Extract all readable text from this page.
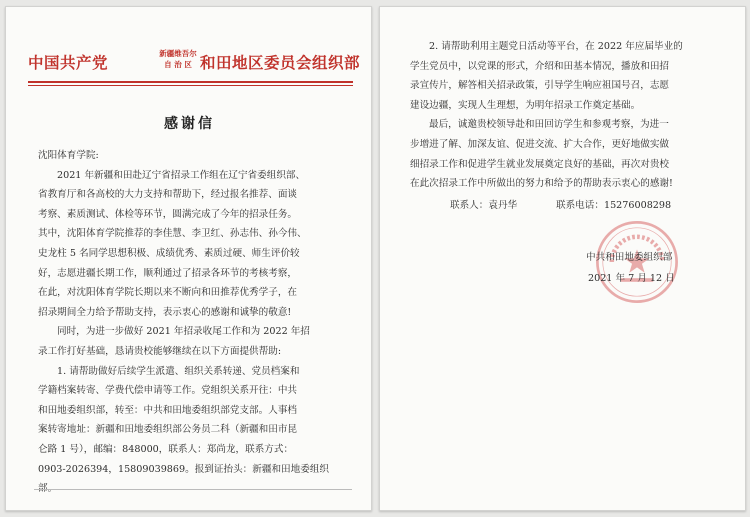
中国共产党	新疆维吾尔
自 治 区 和田地区委员会组织部
感谢信
沈阳体育学院:
2021 年新疆和田赴辽宁省招录工作组在辽宁省委组织部、
省教育厅和各高校的大力支持和帮助下，经过报名推荐、面谈
考察、素质测试、体检等环节，圆满完成了今年的招录任务。
其中，沈阳体育学院推荐的李佳慧、李卫红、孙志伟、孙今伟、
史龙柱 5 名同学思想积极、成绩优秀、素质过硬、师生评价较
好，志愿进疆长期工作，顺利通过了招录各环节的考核考察，
在此，对沈阳体育学院长期以来不断向和田推荐优秀学子，在
招录期间全力给予帮助支持，表示衷心的感谢和诚挚的敬意!
同时，为进一步做好 2021 年招录收尾工作和为 2022 年招
录工作打好基础，恳请贵校能够继续在以下方面提供帮助:
1. 请帮助做好后续学生派遣、组织关系转递、党员档案和
学籍档案转寄、学费代偿申请等工作。党组织关系开往：中共
和田地委组织部，转至：中共和田地委组织部党支部。人事档
案转寄地址：新疆和田地委组织部公务员二科（新疆和田市昆
仑路 1 号），邮编：848000，联系人：郑尚龙，联系方式：
0903-2026394，15809039869。报到证抬头：新疆和田地委组织
2. 请帮助利用主题党日活动等平台，在 2022 年应届毕业的
学生党员中，以党课的形式，介绍和田基本情况，播放和田招
录宣传片，解答相关招录政策，引导学生响应祖国号召，志愿
建设边疆，实现人生理想，为明年招录工作奠定基础。
最后，诚邀贵校领导赴和田回访学生和参观考察，为进一
步增进了解、加深友谊、促进交流、扩大合作，更好地做实做
细招录工作和促进学生就业发展奠定良好的基础，再次对贵校
在此次招录工作中所做出的努力和给予的帮助表示衷心的感谢!
联系人：袁丹华	联系电话：15276008298
中共和田地委组织部
2021 年 7 月 12 日
